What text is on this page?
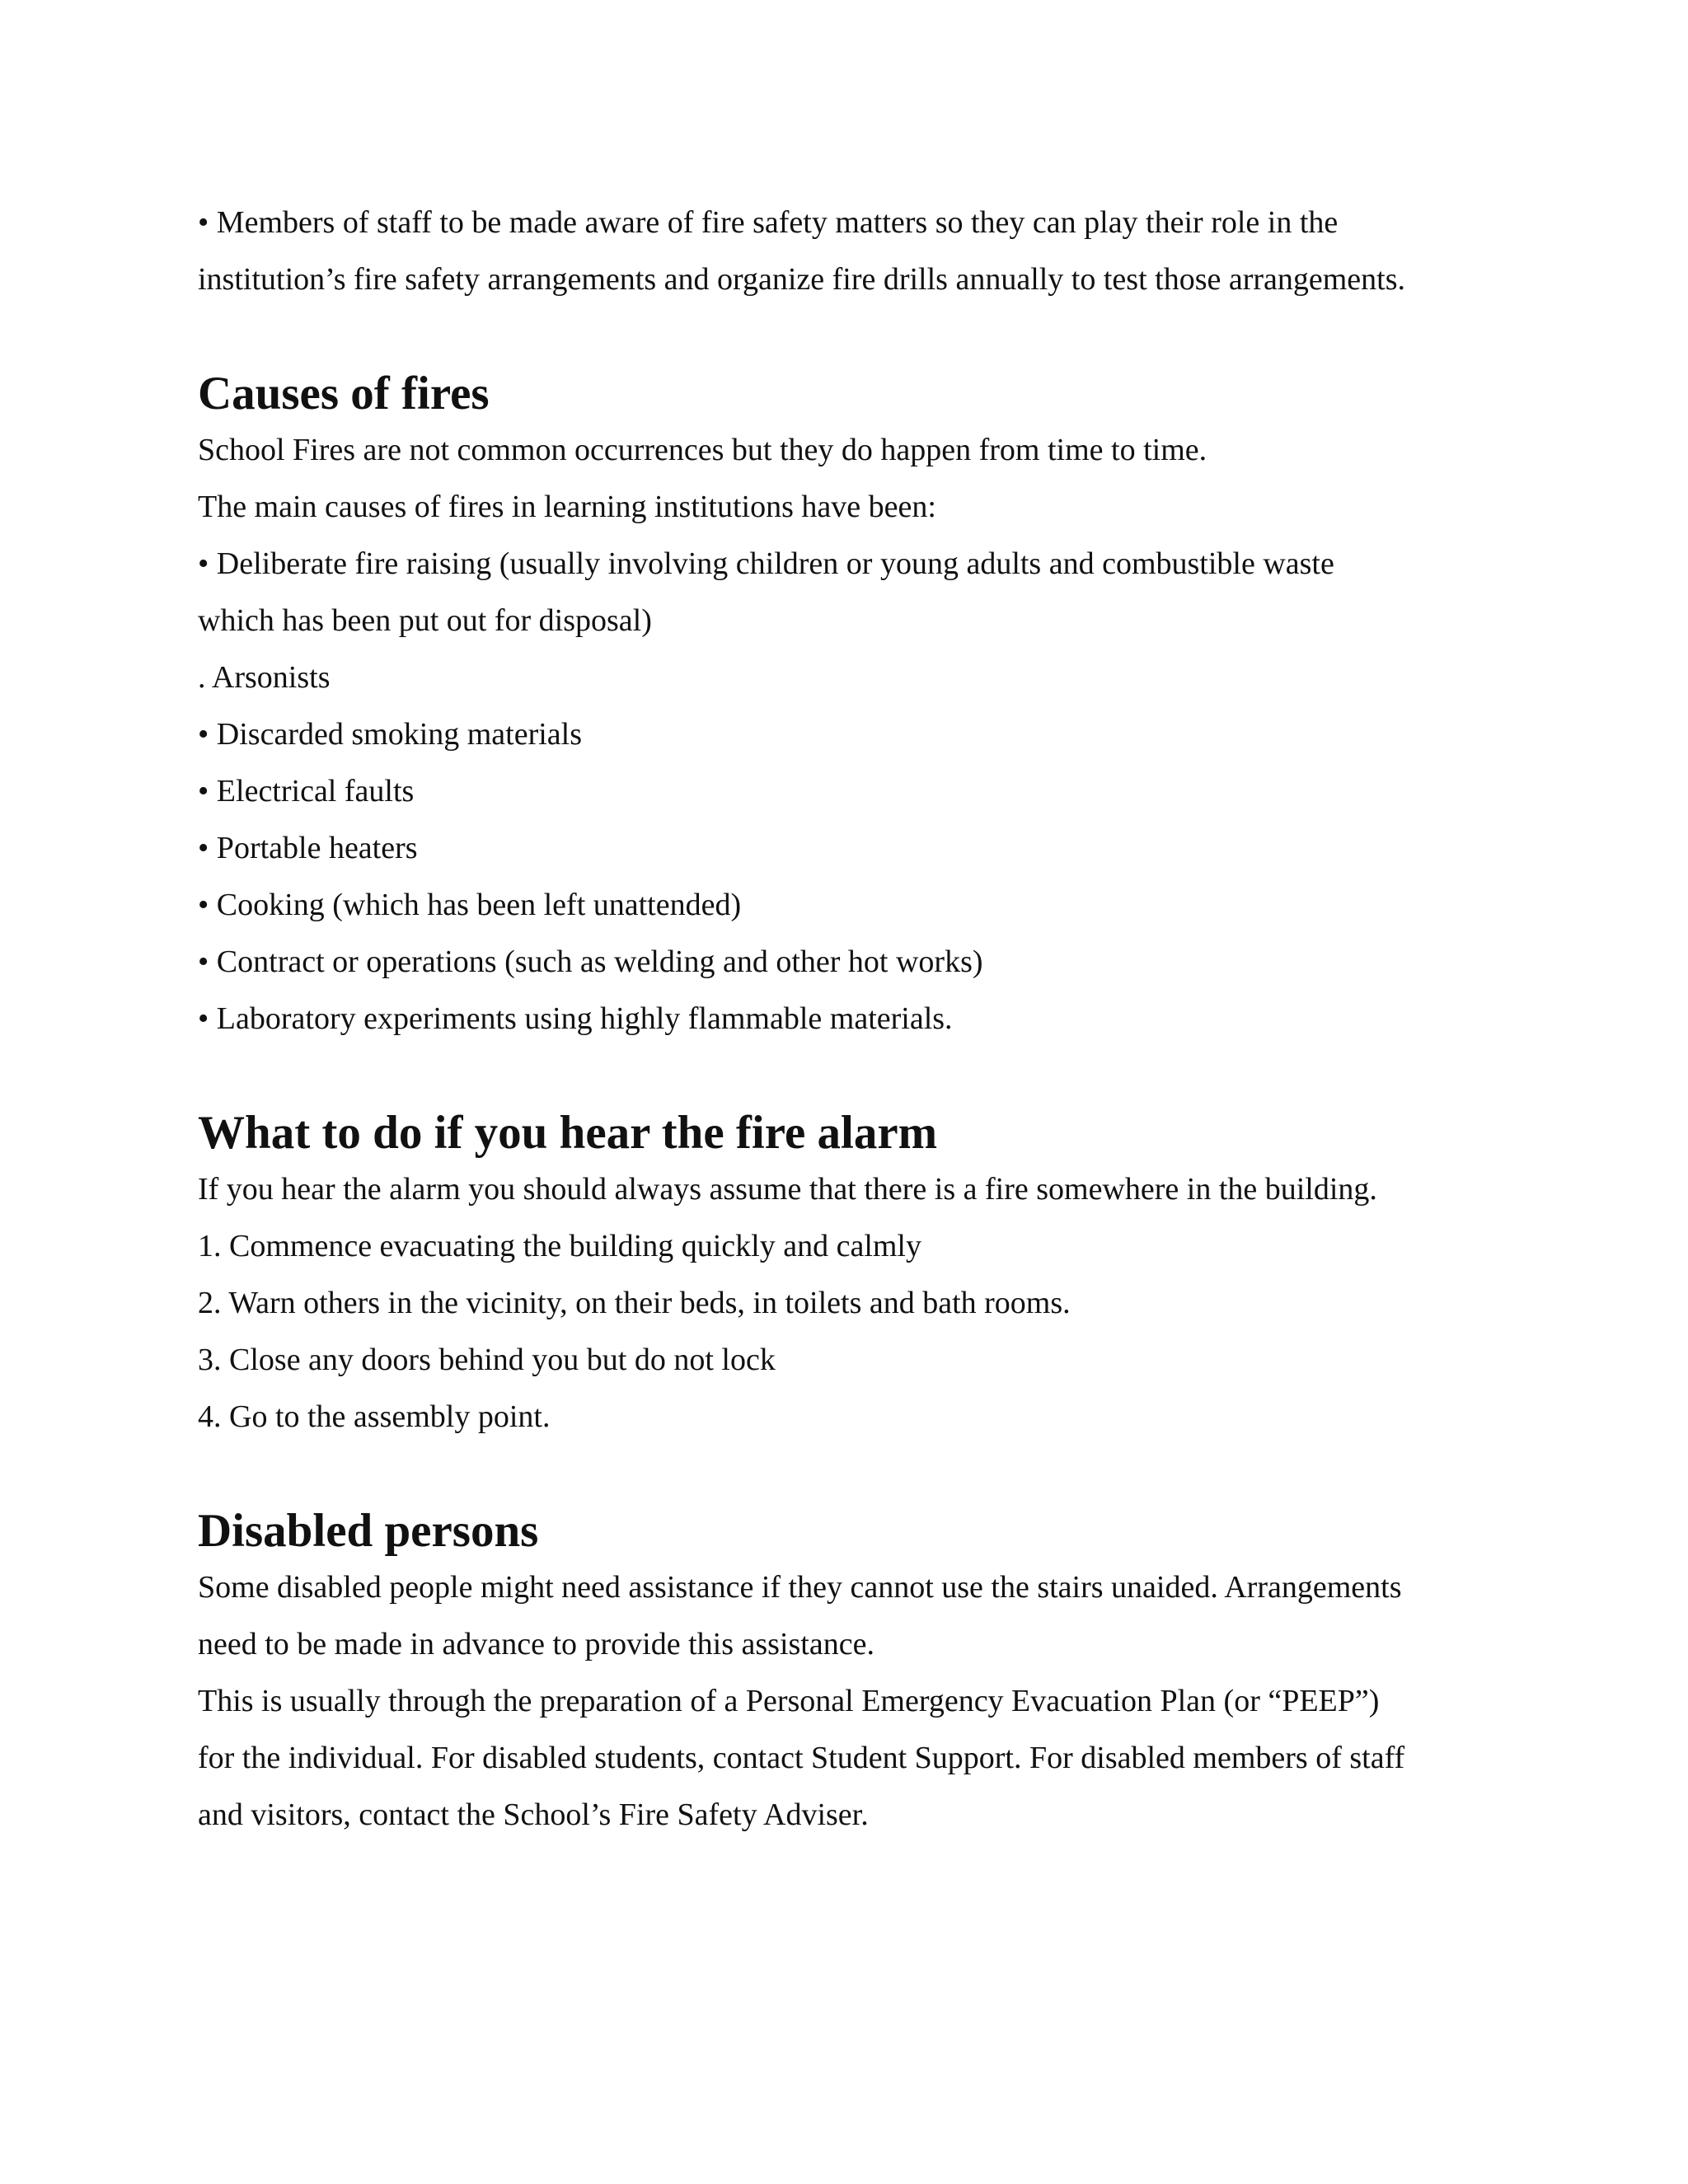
• Members of staff to be made aware of fire safety matters so they can play their role in the

institution’s fire safety arrangements and organize fire drills annually to test those arrangements.

Causes of fires

School Fires are not common occurrences but they do happen from time to time.

The main causes of fires in learning institutions have been:

• Deliberate fire raising (usually involving children or young adults and combustible waste

which has been put out for disposal)

. Arsonists

• Discarded smoking materials

• Electrical faults

• Portable heaters

• Cooking (which has been left unattended)

• Contract or operations (such as welding and other hot works)

• Laboratory experiments using highly flammable materials.

What to do if you hear the fire alarm

If you hear the alarm you should always assume that there is a fire somewhere in the building.

1. Commence evacuating the building quickly and calmly

2. Warn others in the vicinity, on their beds, in toilets and bath rooms.

3. Close any doors behind you but do not lock

4. Go to the assembly point.

Disabled persons

Some disabled people might need assistance if they cannot use the stairs unaided. Arrangements

need to be made in advance to provide this assistance.

This is usually through the preparation of a Personal Emergency Evacuation Plan (or “PEEP”)

for the individual. For disabled students, contact Student Support. For disabled members of staff

and visitors, contact the School’s Fire Safety Adviser.
